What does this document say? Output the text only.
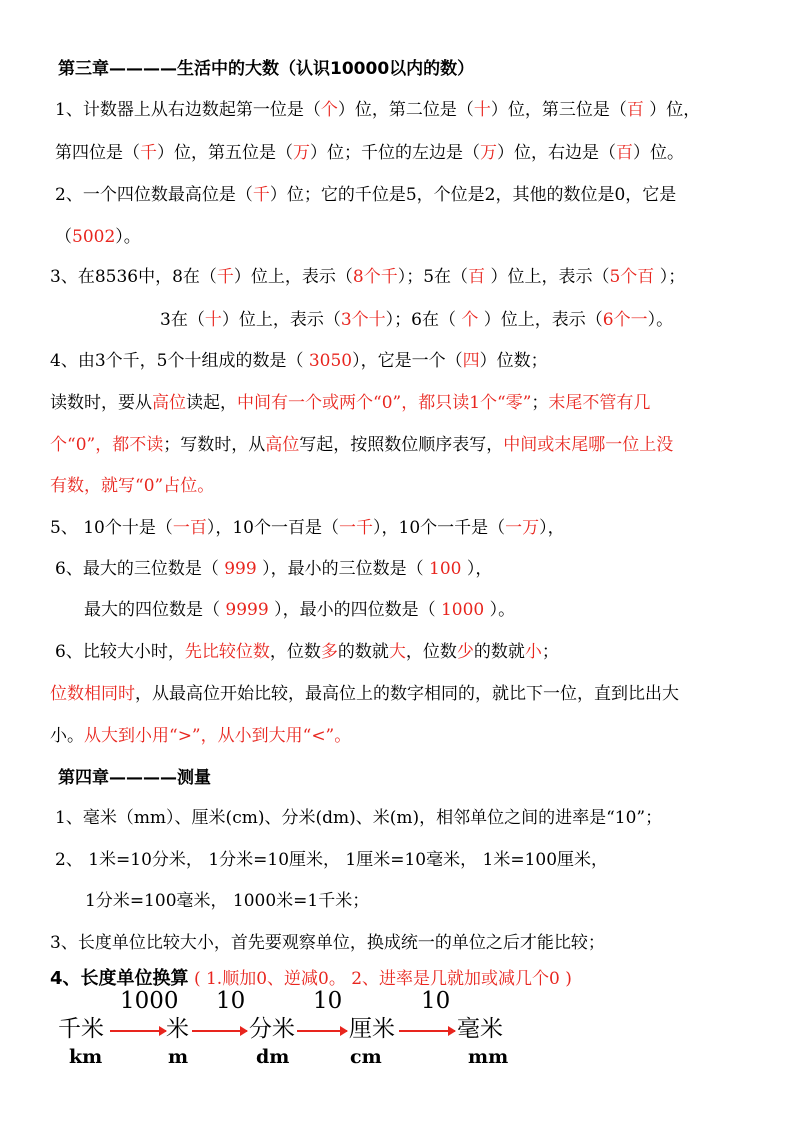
第三章————生活中的大数（认识10000以内的数）
1、计数器上从右边数起第一位是（个）位，第二位是（十）位，第三位是（百 ）位，
第四位是（千）位，第五位是（万）位；千位的左边是（万）位，右边是（百）位。
2、一个四位数最高位是（千）位；它的千位是5，个位是2，其他的数位是0，它是
（5002）。
3、在8536中，8在（千）位上，表示（8个千）；5在（百 ）位上，表示（5个百 ）；
3在（十）位上，表示（3个十）；6在（ 个 ）位上，表示（6个一）。
4、由3个千，5个十组成的数是（ 3050），它是一个（四）位数；
读数时，要从高位读起，中间有一个或两个“0”，都只读1个“零”；末尾不管有几
个“0”，都不读；写数时，从高位写起，按照数位顺序表写，中间或末尾哪一位上没
有数，就写“0”占位。
5、 10个十是（一百），10个一百是（一千），10个一千是（一万），
6、最大的三位数是（ 999 ），最小的三位数是（ 100 ），
最大的四位数是（ 9999 ），最小的四位数是（ 1000 ）。
6、比较大小时，先比较位数，位数多的数就大，位数少的数就小；
位数相同时，从最高位开始比较，最高位上的数字相同的，就比下一位，直到比出大
小。从大到小用“>”，从小到大用“<”。
第四章————测量
1、毫米（mm）、厘米(cm)、分米(dm)、米(m)，相邻单位之间的进率是“10”；
2、 1米=10分米， 1分米=10厘米， 1厘米=10毫米， 1米=100厘米，
1分米=100毫米， 1000米=1千米；
3、长度单位比较大小，首先要观察单位，换成统一的单位之后才能比较；
4、长度单位换算 ( 1.顺加0、逆减0。 2、进率是几就加或减几个0 )
1000 10	10	10
千米	米	分米 厘米	毫米
km	m	dm	cm	mm
